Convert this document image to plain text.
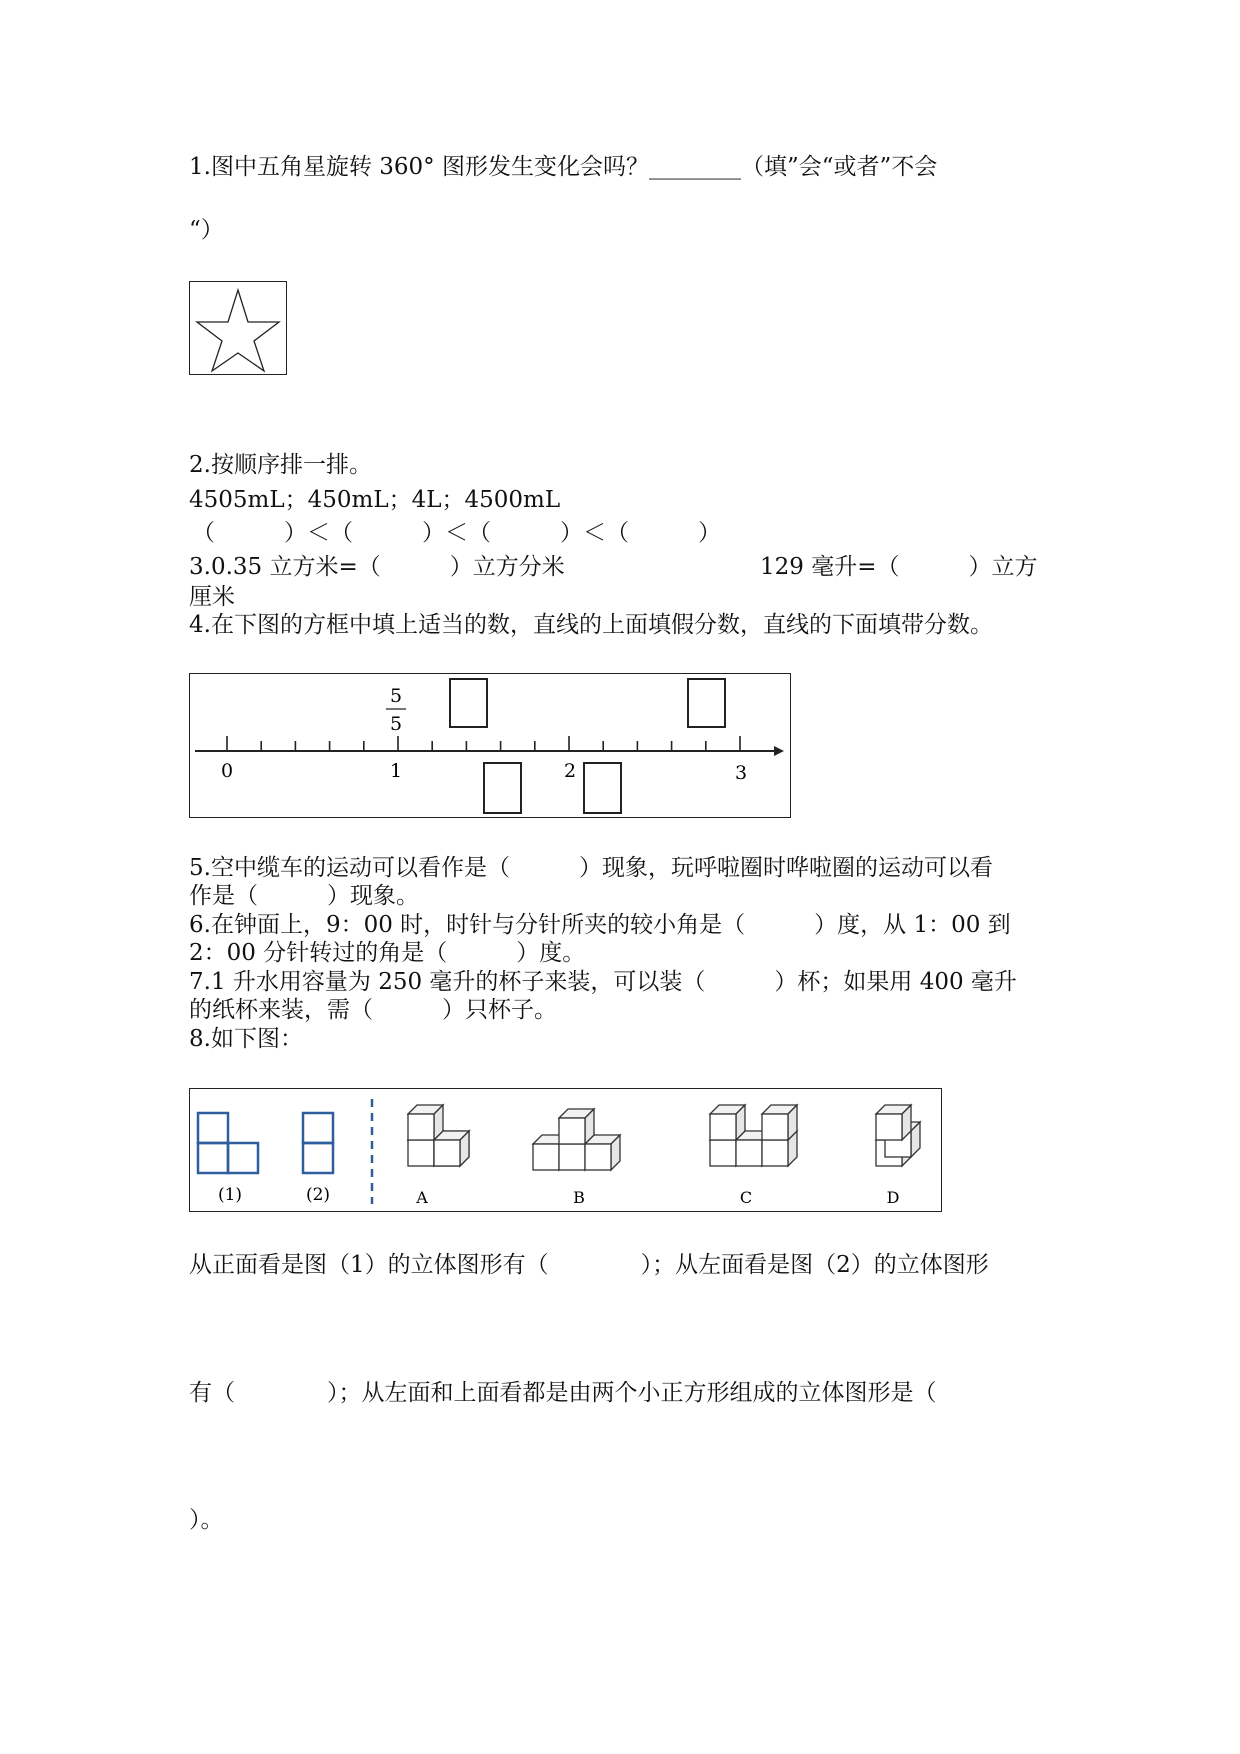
1.图中五角星旋转 360° 图形发生变化会吗？________（填”会“或者”不会

“）

2.按顺序排一排。

4505mL；450mL；4L；4500mL

（　　　）＜（　　　）＜（　　　）＜（　　　）

3.0.35 立方米=（　　　）立方分米	129 毫升=（　　　）立方

厘米

4.在下图的方框中填上适当的数，直线的上面填假分数，直线的下面填带分数。

5
5
0	1	2	3

5.空中缆车的运动可以看作是（　　　）现象，玩呼啦圈时哗啦圈的运动可以看

作是（　　　）现象。

6.在钟面上，9：00 时，时针与分针所夹的较小角是（　　　）度，从 1：00 到

2：00 分针转过的角是（　　　）度。

7.1 升水用容量为 250 毫升的杯子来装，可以装（　　　）杯；如果用 400 毫升

的纸杯来装，需（　　　）只杯子。

8.如下图：

(1)	(2)	A	B	C	D

从正面看是图（1）的立体图形有（　　　　）；从左面看是图（2）的立体图形

有（　　　　）；从左面和上面看都是由两个小正方形组成的立体图形是（

）。
